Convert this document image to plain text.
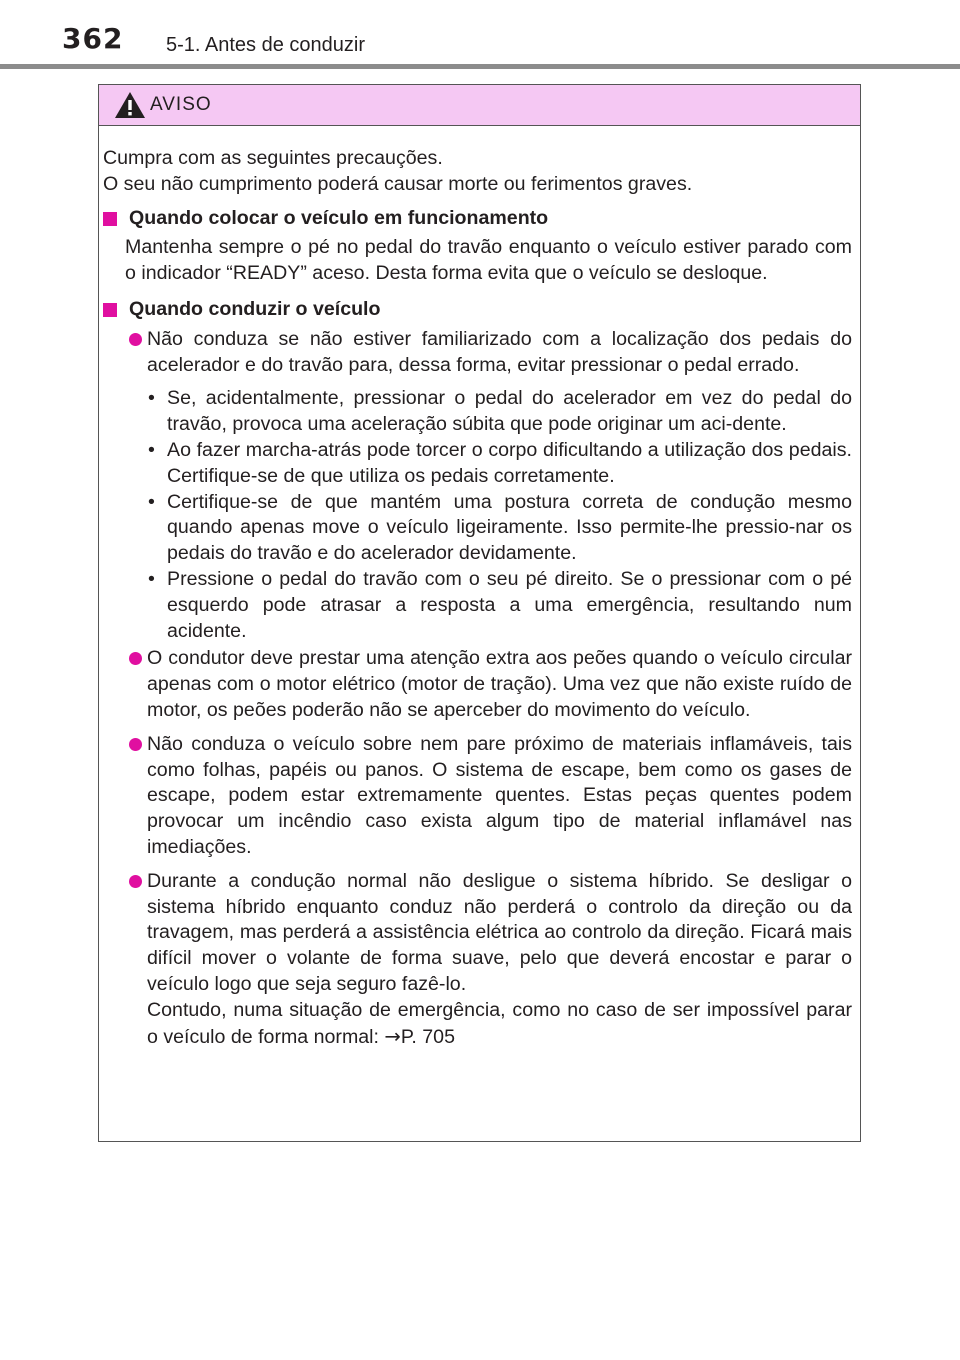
362 5-1. Antes de conduzir
AVISO

Cumpra com as seguintes precauções.

O seu não cumprimento poderá causar morte ou ferimentos graves.

Quando colocar o veículo em funcionamento

Mantenha sempre o pé no pedal do travão enquanto o veículo estiver parado com o indicador “READY” aceso. Desta forma evita que o veículo se desloque.

Quando conduzir o veículo
Não conduza se não estiver familiarizado com a localização dos pedais do acelerador e do travão para, dessa forma, evitar pressionar o pedal errado.
• Se, acidentalmente, pressionar o pedal do acelerador em vez do pedal do travão, provoca uma aceleração súbita que pode originar um aci-dente.
• Ao fazer marcha-atrás pode torcer o corpo dificultando a utilização dos pedais. Certifique-se de que utiliza os pedais corretamente.
• Certifique-se de que mantém uma postura correta de condução mesmo quando apenas move o veículo ligeiramente. Isso permite-lhe pressio-nar os pedais do travão e do acelerador devidamente.
• Pressione o pedal do travão com o seu pé direito. Se o pressionar com o pé esquerdo pode atrasar a resposta a uma emergência, resultando num acidente.
O condutor deve prestar uma atenção extra aos peões quando o veículo circular apenas com o motor elétrico (motor de tração). Uma vez que não existe ruído de motor, os peões poderão não se aperceber do movimento do veículo.
Não conduza o veículo sobre nem pare próximo de materiais inflamáveis, tais como folhas, papéis ou panos. O sistema de escape, bem como os gases de escape, podem estar extremamente quentes. Estas peças quentes podem provocar um incêndio caso exista algum tipo de material inflamável nas imediações.
Durante a condução normal não desligue o sistema híbrido. Se desligar o sistema híbrido enquanto conduz não perderá o controlo da direção ou da travagem, mas perderá a assistência elétrica ao controlo da direção. Ficará mais difícil mover o volante de forma suave, pelo que deverá encostar e parar o veículo logo que seja seguro fazê-lo.
Contudo, numa situação de emergência, como no caso de ser impossível parar o veículo de forma normal: →P. 705
